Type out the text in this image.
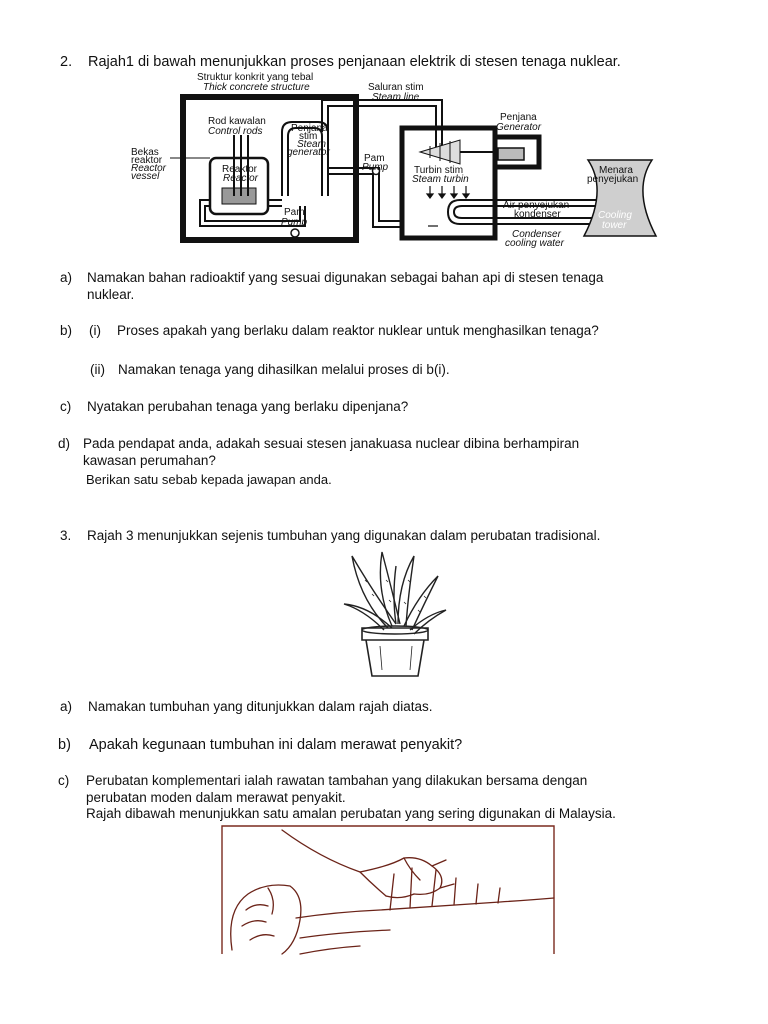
2. Rajah1 di bawah menunjukkan proses penjanaan elektrik di stesen tenaga nuklear.
Struktur konkrit yang tebal
Thick concrete structure	Saluran stim
Steam line
Rod kawalan
Control rods	Penjana
stim
Steam
generator
Penjana
Generator
Bekas
reaktor
Reactor
vessel
Reaktor
Reactor
Pam
Pump	Turbin stim
Steam turbin
Menara
penyejukan
Cooling
tower
Pam
Pump
Air penyejukan
kondenser
Condenser
cooling water
a) Namakan bahan radioaktif yang sesuai digunakan sebagai bahan api di stesen tenaga
nuklear.
b) (i) Proses apakah yang berlaku dalam reaktor nuklear untuk menghasilkan tenaga?
(ii) Namakan tenaga yang dihasilkan melalui proses di b(i).
c) Nyatakan perubahan tenaga yang berlaku dipenjana?
d) Pada pendapat anda, adakah sesuai stesen janakuasa nuclear dibina berhampiran
kawasan perumahan?
Berikan satu sebab kepada jawapan anda.
3. Rajah 3 menunjukkan sejenis tumbuhan yang digunakan dalam perubatan tradisional.
a) Namakan tumbuhan yang ditunjukkan dalam rajah diatas.
b) Apakah kegunaan tumbuhan ini dalam merawat penyakit?
c) Perubatan komplementari ialah rawatan tambahan yang dilakukan bersama dengan
perubatan moden dalam merawat penyakit.
Rajah dibawah menunjukkan satu amalan perubatan yang sering digunakan di Malaysia.
